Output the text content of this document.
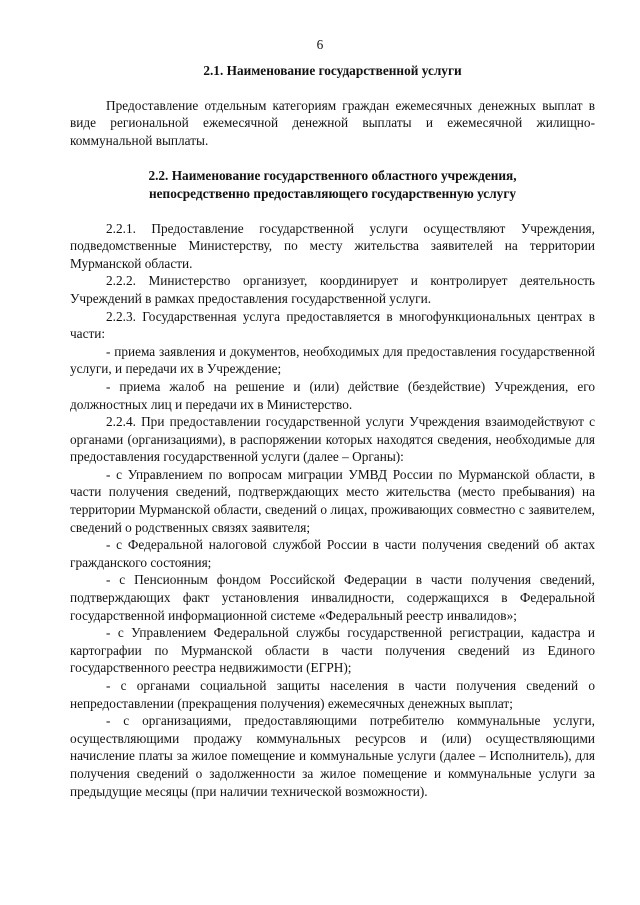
6

2.1. Наименование государственной услуги

Предоставление отдельным категориям граждан ежемесячных денежных выплат в виде региональной ежемесячной денежной выплаты и ежемесячной жилищно-коммунальной выплаты.

2.2. Наименование государственного областного учреждения,
непосредственно предоставляющего государственную услугу

2.2.1. Предоставление государственной услуги осуществляют Учреждения, подведомственные Министерству, по месту жительства заявителей на территории Мурманской области.

2.2.2. Министерство организует, координирует и контролирует деятельность Учреждений в рамках предоставления государственной услуги.

2.2.3. Государственная услуга предоставляется в многофункциональных центрах в части:

- приема заявления и документов, необходимых для предоставления государственной услуги, и передачи их в Учреждение;

- приема жалоб на решение и (или) действие (бездействие) Учреждения, его должностных лиц и передачи их в Министерство.

2.2.4. При предоставлении государственной услуги Учреждения взаимодействуют с органами (организациями), в распоряжении которых находятся сведения, необходимые для предоставления государственной услуги (далее – Органы):

- с Управлением по вопросам миграции УМВД России по Мурманской области, в части получения сведений, подтверждающих место жительства (место пребывания) на территории Мурманской области, сведений о лицах, проживающих совместно с заявителем, сведений о родственных связях заявителя;

- с Федеральной налоговой службой России в части получения сведений об актах гражданского состояния;

- с Пенсионным фондом Российской Федерации в части получения сведений, подтверждающих факт установления инвалидности, содержащихся в Федеральной государственной информационной системе «Федеральный реестр инвалидов»;

- с Управлением Федеральной службы государственной регистрации, кадастра и картографии по Мурманской области в части получения сведений из Единого государственного реестра недвижимости (ЕГРН);

- с органами социальной защиты населения в части получения сведений о непредоставлении (прекращения получения) ежемесячных денежных выплат;

- с организациями, предоставляющими потребителю коммунальные услуги, осуществляющими продажу коммунальных ресурсов и (или) осуществляющими начисление платы за жилое помещение и коммунальные услуги (далее – Исполнитель), для получения сведений о задолженности за жилое помещение и коммунальные услуги за предыдущие месяцы (при наличии технической возможности).
